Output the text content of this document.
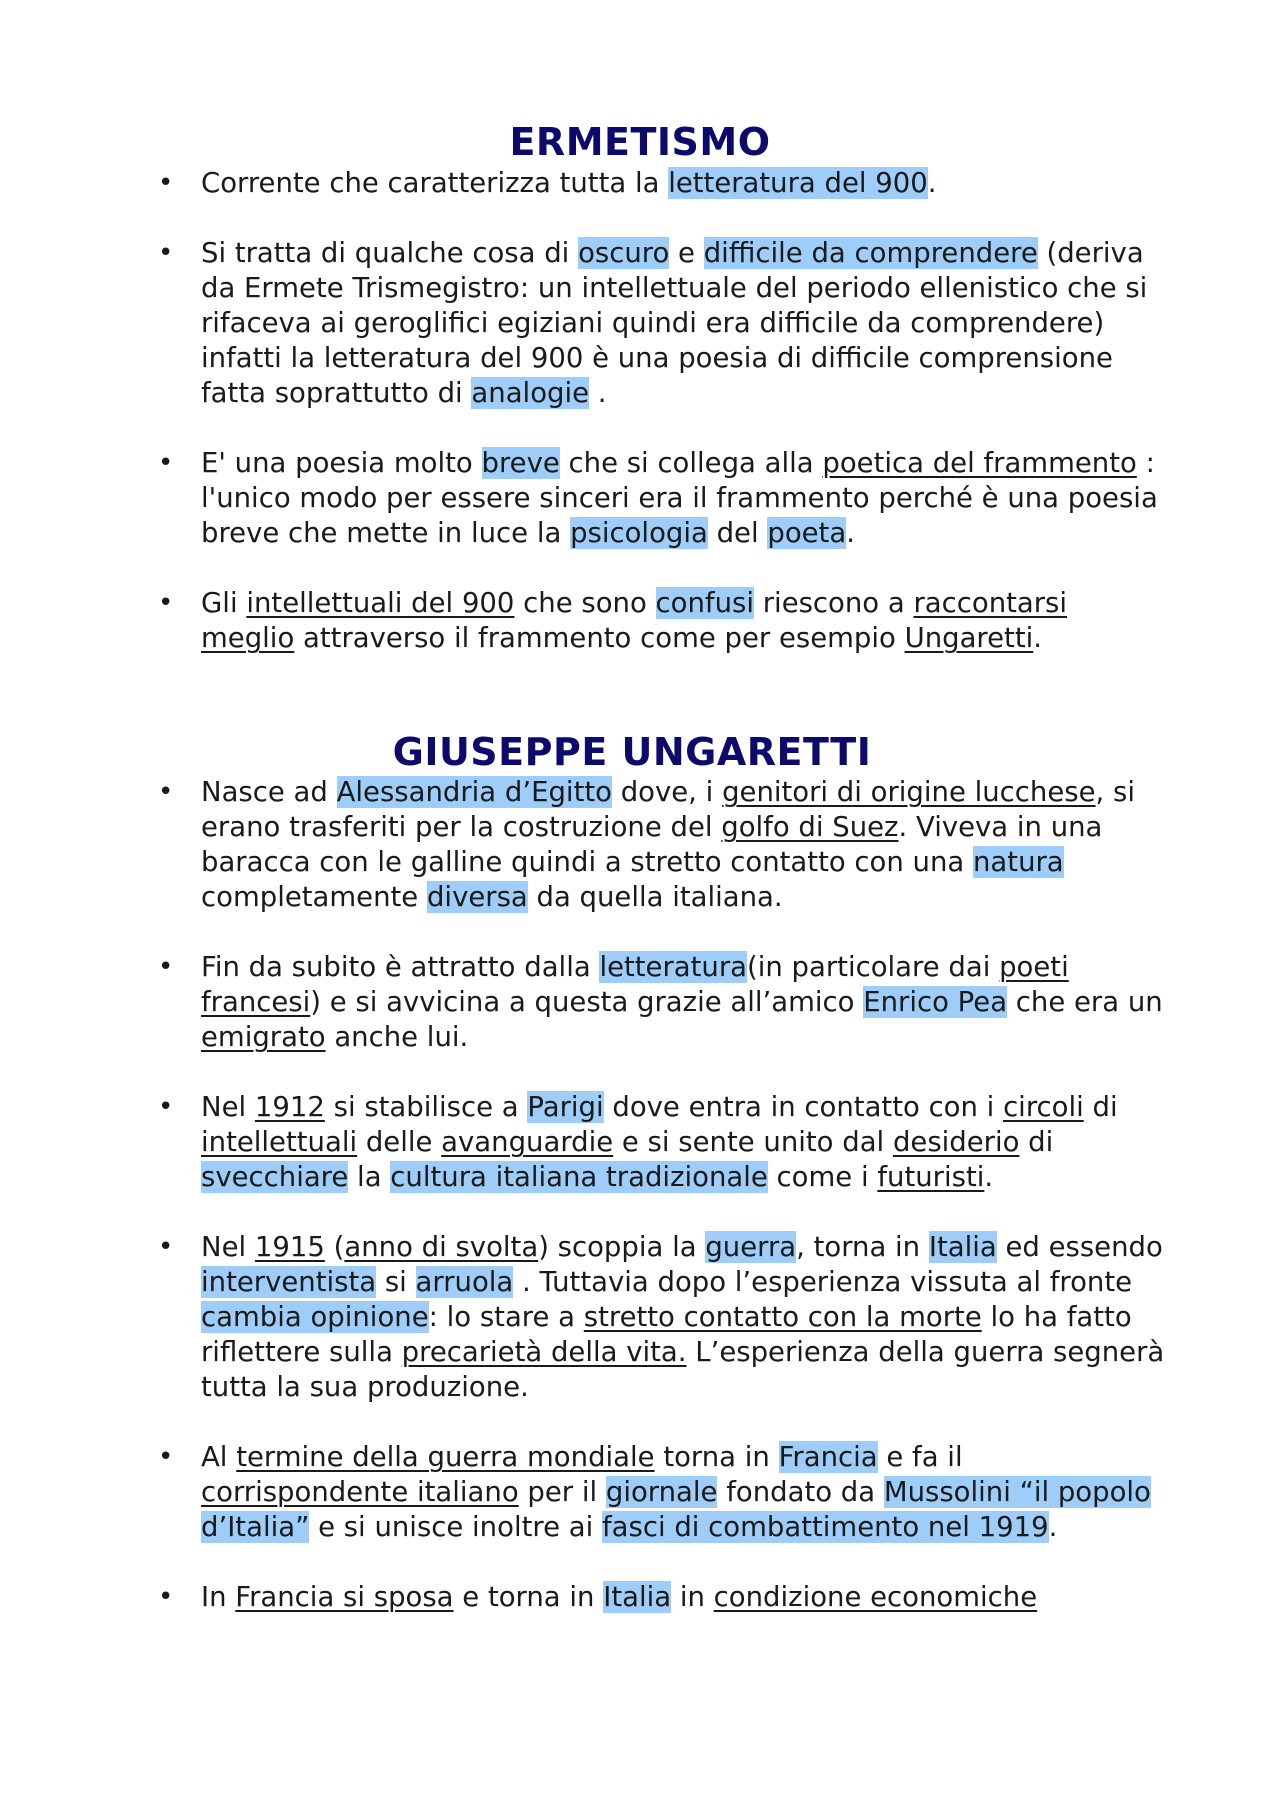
ERMETISMO
• Corrente che caratterizza tutta la letteratura del 900.
• Si tratta di qualche cosa di oscuro e difficile da comprendere (deriva da Ermete Trismegistro: un intellettuale del periodo ellenistico che si rifaceva ai geroglifici egiziani quindi era difficile da comprendere) infatti la letteratura del 900 è una poesia di difficile comprensione fatta soprattutto di analogie .
• E' una poesia molto breve che si collega alla poetica del frammento : l'unico modo per essere sinceri era il frammento perché è una poesia breve che mette in luce la psicologia del poeta.
• Gli intellettuali del 900 che sono confusi riescono a raccontarsi meglio attraverso il frammento come per esempio Ungaretti.
GIUSEPPE UNGARETTI
• Nasce ad Alessandria d’Egitto dove, i genitori di origine lucchese, si erano trasferiti per la costruzione del golfo di Suez. Viveva in una baracca con le galline quindi a stretto contatto con una natura completamente diversa da quella italiana.
• Fin da subito è attratto dalla letteratura(in particolare dai poeti francesi) e si avvicina a questa grazie all’amico Enrico Pea che era un emigrato anche lui.
• Nel 1912 si stabilisce a Parigi dove entra in contatto con i circoli di intellettuali delle avanguardie e si sente unito dal desiderio di svecchiare la cultura italiana tradizionale come i futuristi.
• Nel 1915 (anno di svolta) scoppia la guerra, torna in Italia ed essendo interventista si arruola . Tuttavia dopo l’esperienza vissuta al fronte cambia opinione: lo stare a stretto contatto con la morte lo ha fatto riflettere sulla precarietà della vita. L’esperienza della guerra segnerà tutta la sua produzione.
• Al termine della guerra mondiale torna in Francia e fa il corrispondente italiano per il giornale fondato da Mussolini “il popolo d’Italia” e si unisce inoltre ai fasci di combattimento nel 1919.
• In Francia si sposa e torna in Italia in condizione economiche
